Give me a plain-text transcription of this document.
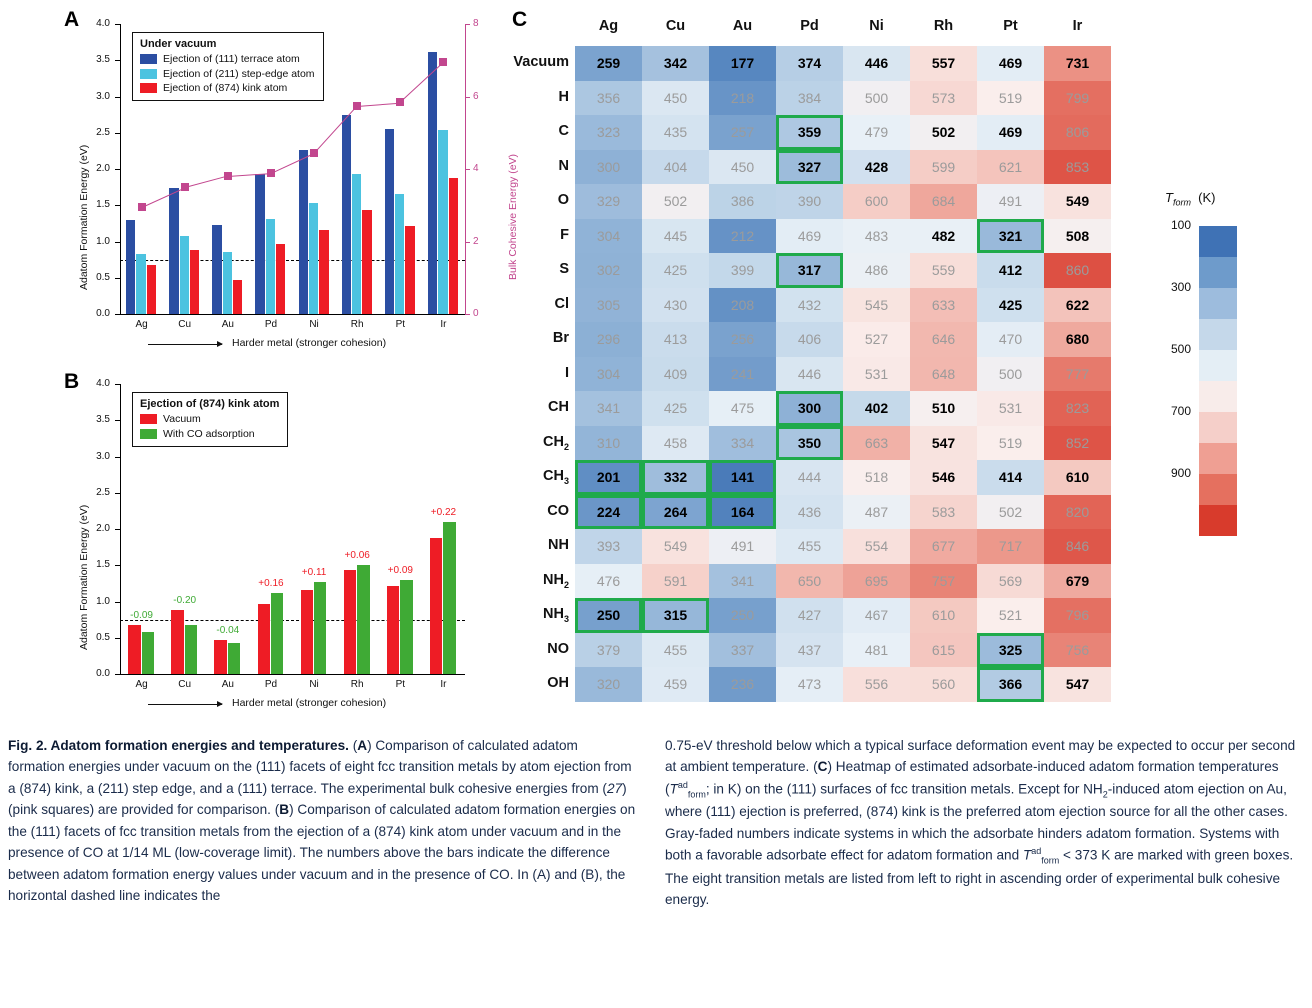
A
0.0
0.5
1.0
1.5
2.0
2.5
3.0
3.5
4.0
0
2
4
6
8
Adatom Formation Energy (eV)	Bulk Cohesive Energy (eV)
Ag	Cu	Au	Pd	Ni	Rh	Pt	Ir
Under vacuum
Ejection of (111) terrace atom
Ejection of (211) step-edge atom
Ejection of (874) kink atom
Harder metal (stronger cohesion)
B
0.0
0.5
1.0
1.5
2.0
2.5
3.0
3.5
4.0
Adatom Formation Energy (eV)
Ag
-0.09
Cu
-0.20
Au
-0.04
Pd
+0.16
Ni
+0.11
Rh
+0.06
Pt
+0.09
Ir
+0.22
Ejection of (874) kink atom
Vacuum
With CO adsorption
Harder metal (stronger cohesion)
C	Ag	Cu	Au	Pd	Ni	Rh	Pt	Ir
Vacuum	259	342	177	374	446	557	469	731
H	356	450	218	384	500	573	519	799
C	323	435	257	359	479	502	469	806
N	300	404	450	327	428	599	621	853
O	329	502	386	390	600	684	491	549
F	304	445	212	469	483	482	321	508
S	302	425	399	317	486	559	412	860
Cl	305	430	208	432	545	633	425	622
Br	296	413	256	406	527	646	470	680
I	304	409	241	446	531	648	500	777
CH	341	425	475	300	402	510	531	823
$CH_2$	310	458	334	350	663	547	519	852
$CH_3$	201	332	141	444	518	546	414	610
CO	224	264	164	436	487	583	502	820
NH	393	549	491	455	554	677	717	846
$NH_2$	476	591	341	650	695	757	569	679
$NH_3$	250	315	250	427	467	610	521	796
NO	379	455	337	437	481	615	325	756
OH	320	459	236	473	556	560	366	547
$T_{form}$  (K)
100
300
500
700
900
Fig. 2. Adatom formation energies and temperatures. (A) Comparison of calculated adatom formation energies under vacuum on the (111) facets of eight fcc transition metals by atom ejection from a (874) kink, a (211) step edge, and a (111) terrace. The experimental bulk cohesive energies from (27) (pink squares) are provided for comparison. (B) Comparison of calculated adatom formation energies on the (111) facets of fcc transition metals from the ejection of a (874) kink atom under vacuum and in the presence of CO at 1/14 ML (low-coverage limit). The numbers above the bars indicate the difference between adatom formation energy values under vacuum and in the presence of CO. In (A) and (B), the horizontal dashed line indicates the
0.75-eV threshold below which a typical surface deformation event may be expected to occur per second at ambient temperature. (C) Heatmap of estimated adsorbate-induced adatom formation temperatures ($T^{ad}_{form}$; in K) on the (111) surfaces of fcc transition metals. Except for $NH_2$-induced atom ejection on Au, where (111) ejection is preferred, (874) kink is the preferred atom ejection source for all the other cases. Gray-faded numbers indicate systems in which the adsorbate hinders adatom formation. Systems with both a favorable adsorbate effect for adatom formation and $T^{ad}_{form} < 373$ K are marked with green boxes. The eight transition metals are listed from left to right in ascending order of experimental bulk cohesive energy.
